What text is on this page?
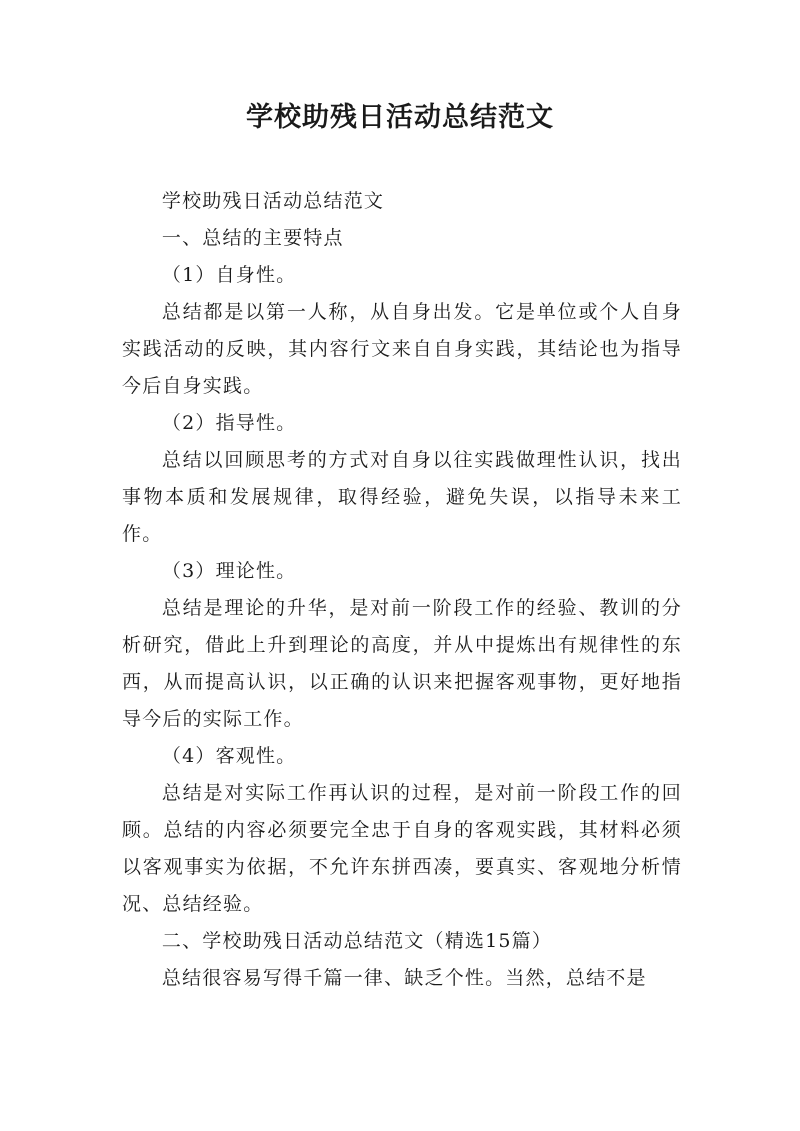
学校助残日活动总结范文

学校助残日活动总结范文

一、总结的主要特点

（1）自身性。

总结都是以第一人称，从自身出发。它是单位或个人自身实践活动的反映，其内容行文来自自身实践，其结论也为指导今后自身实践。

（2）指导性。

总结以回顾思考的方式对自身以往实践做理性认识，找出事物本质和发展规律，取得经验，避免失误，以指导未来工作。

（3）理论性。

总结是理论的升华，是对前一阶段工作的经验、教训的分析研究，借此上升到理论的高度，并从中提炼出有规律性的东西，从而提高认识，以正确的认识来把握客观事物，更好地指导今后的实际工作。

（4）客观性。

总结是对实际工作再认识的过程，是对前一阶段工作的回顾。总结的内容必须要完全忠于自身的客观实践，其材料必须以客观事实为依据，不允许东拼西凑，要真实、客观地分析情况、总结经验。

二、学校助残日活动总结范文（精选15篇）

总结很容易写得千篇一律、缺乏个性。当然，总结不是
